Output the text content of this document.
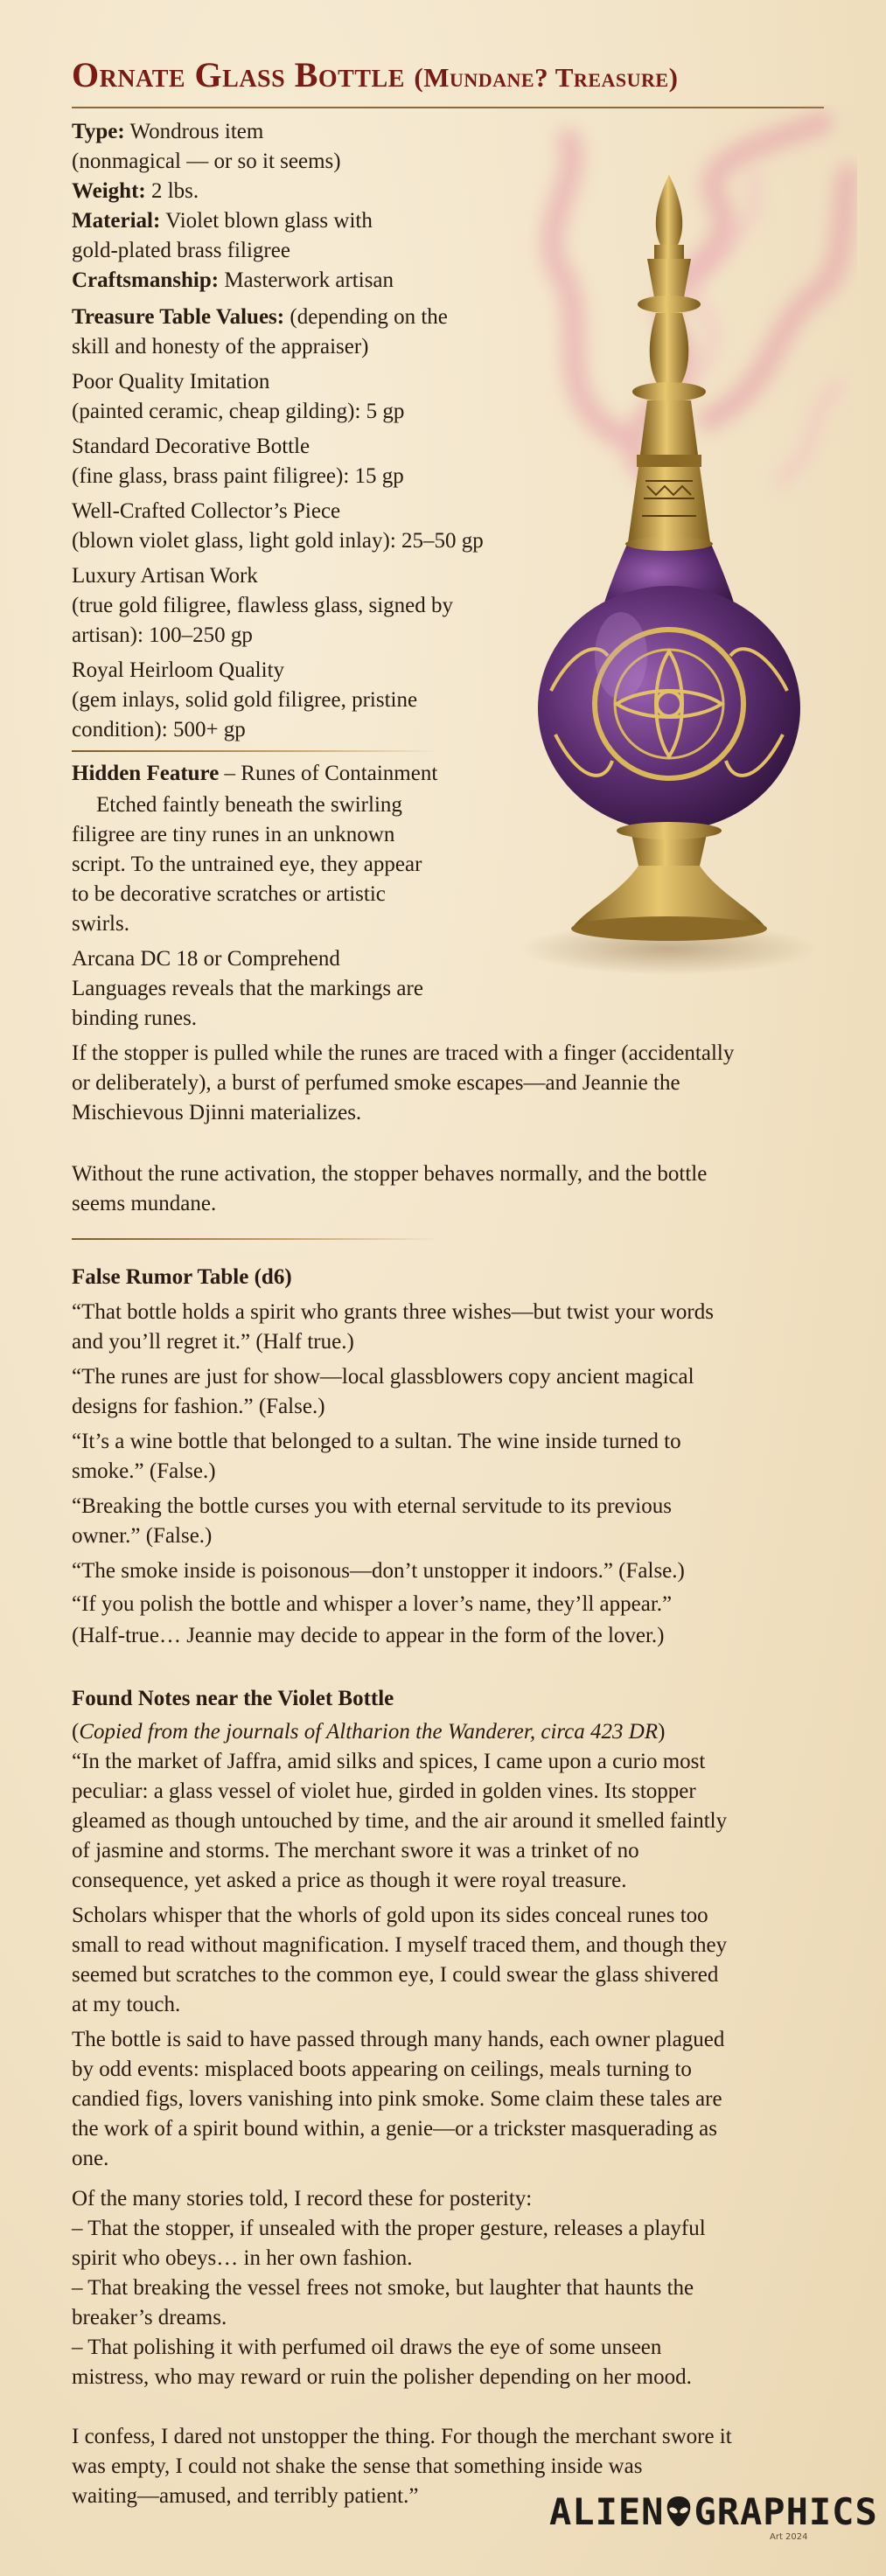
Ornate Glass Bottle (Mundane? Treasure)
Type: Wondrous item
(nonmagical — or so it seems)
Weight: 2 lbs.
Material: Violet blown glass with
gold-plated brass filigree
Craftsmanship: Masterwork artisan
Treasure Table Values: (depending on the
skill and honesty of the appraiser)
Poor Quality Imitation
(painted ceramic, cheap gilding): 5 gp
Standard Decorative Bottle
(fine glass, brass paint filigree): 15 gp
Well-Crafted Collector’s Piece
(blown violet glass, light gold inlay): 25–50 gp
Luxury Artisan Work
(true gold filigree, flawless glass, signed by
artisan): 100–250 gp
Royal Heirloom Quality
(gem inlays, solid gold filigree, pristine
condition): 500+ gp
Hidden Feature – Runes of Containment
Etched faintly beneath the swirling
filigree are tiny runes in an unknown
script. To the untrained eye, they appear
to be decorative scratches or artistic
swirls.
Arcana DC 18 or Comprehend
Languages reveals that the markings are
binding runes.
If the stopper is pulled while the runes are traced with a finger (accidentally
or deliberately), a burst of perfumed smoke escapes—and Jeannie the
Mischievous Djinni materializes.
Without the rune activation, the stopper behaves normally, and the bottle
seems mundane.
False Rumor Table (d6)
“That bottle holds a spirit who grants three wishes—but twist your words
and you’ll regret it.” (Half true.)
“The runes are just for show—local glassblowers copy ancient magical
designs for fashion.” (False.)
“It’s a wine bottle that belonged to a sultan. The wine inside turned to
smoke.” (False.)
“Breaking the bottle curses you with eternal servitude to its previous
owner.” (False.)
“The smoke inside is poisonous—don’t unstopper it indoors.” (False.)
“If you polish the bottle and whisper a lover’s name, they’ll appear.”
(Half-true… Jeannie may decide to appear in the form of the lover.)
Found Notes near the Violet Bottle
(Copied from the journals of Altharion the Wanderer, circa 423 DR)
“In the market of Jaffra, amid silks and spices, I came upon a curio most
peculiar: a glass vessel of violet hue, girded in golden vines. Its stopper
gleamed as though untouched by time, and the air around it smelled faintly
of jasmine and storms. The merchant swore it was a trinket of no
consequence, yet asked a price as though it were royal treasure.
Scholars whisper that the whorls of gold upon its sides conceal runes too
small to read without magnification. I myself traced them, and though they
seemed but scratches to the common eye, I could swear the glass shivered
at my touch.
The bottle is said to have passed through many hands, each owner plagued
by odd events: misplaced boots appearing on ceilings, meals turning to
candied figs, lovers vanishing into pink smoke. Some claim these tales are
the work of a spirit bound within, a genie—or a trickster masquerading as
one.
Of the many stories told, I record these for posterity:
– That the stopper, if unsealed with the proper gesture, releases a playful
spirit who obeys… in her own fashion.
– That breaking the vessel frees not smoke, but laughter that haunts the
breaker’s dreams.
– That polishing it with perfumed oil draws the eye of some unseen
mistress, who may reward or ruin the polisher depending on her mood.
I confess, I dared not unstopper the thing. For though the merchant swore it
was empty, I could not shake the sense that something inside was
waiting—amused, and terribly patient.”	ALIEN GRAPHICS
Art 2024
